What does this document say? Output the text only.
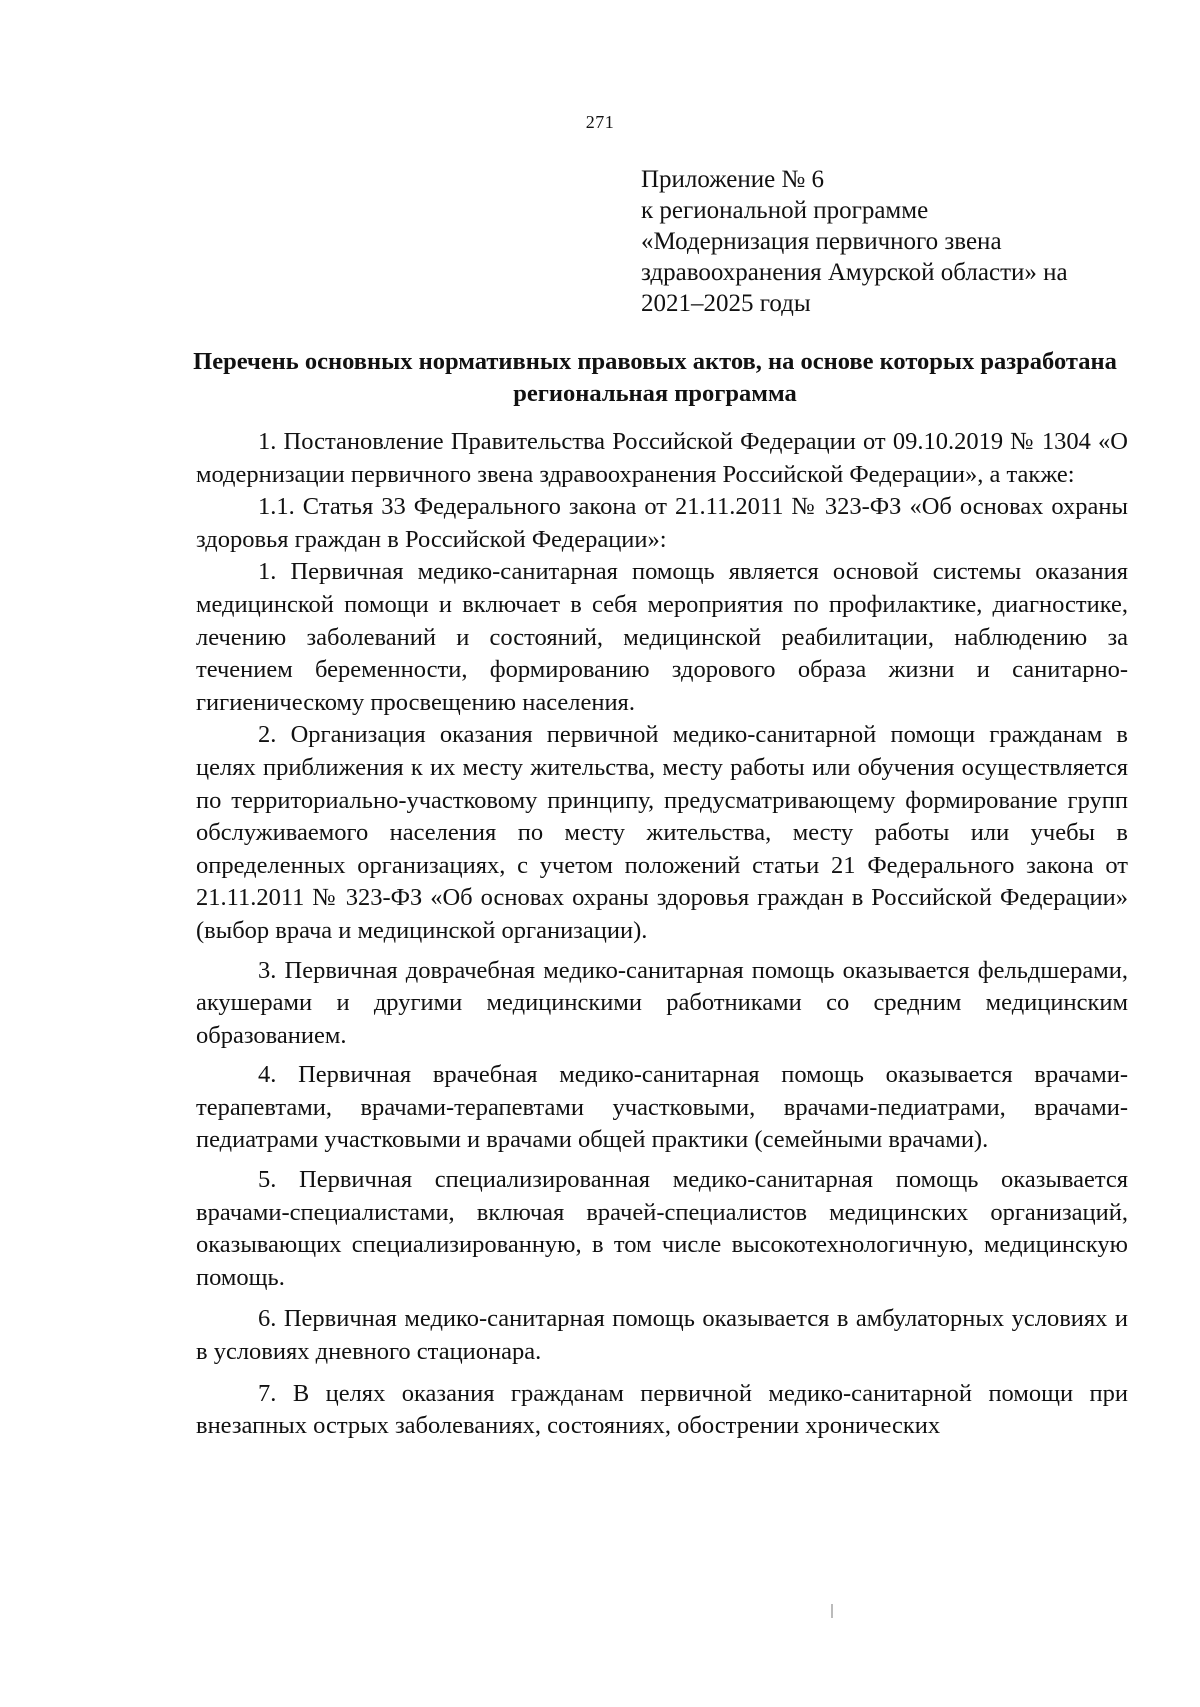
271
Приложение № 6
к региональной программе
«Модернизация первичного звена
здравоохранения Амурской области» на
2021–2025 годы
Перечень основных нормативных правовых актов, на основе которых разработана региональная программа

1. Постановление Правительства Российской Федерации от 09.10.2019 № 1304 «О модернизации первичного звена здравоохранения Российской Федерации», а также:

1.1. Статья 33 Федерального закона от 21.11.2011 № 323-ФЗ «Об основах охраны здоровья граждан в Российской Федерации»:

1. Первичная медико-санитарная помощь является основой системы оказания медицинской помощи и включает в себя мероприятия по профилактике, диагностике, лечению заболеваний и состояний, медицинской реабилитации, наблюдению за течением беременности, формированию здорового образа жизни и санитарно-гигиеническому просвещению населения.

2. Организация оказания первичной медико-санитарной помощи гражданам в целях приближения к их месту жительства, месту работы или обучения осуществляется по территориально-участковому принципу, предусматривающему формирование групп обслуживаемого населения по месту жительства, месту работы или учебы в определенных организациях, с учетом положений статьи 21 Федерального закона от 21.11.2011 № 323-ФЗ «Об основах охраны здоровья граждан в Российской Федерации» (выбор врача и медицинской организации).

3. Первичная доврачебная медико-санитарная помощь оказывается фельдшерами, акушерами и другими медицинскими работниками со средним медицинским образованием.

4. Первичная врачебная медико-санитарная помощь оказывается врачами-терапевтами, врачами-терапевтами участковыми, врачами-педиатрами, врачами-педиатрами участковыми и врачами общей практики (семейными врачами).

5. Первичная специализированная медико-санитарная помощь оказывается врачами-специалистами, включая врачей-специалистов медицинских организаций, оказывающих специализированную, в том числе высокотехнологичную, медицинскую помощь.

6. Первичная медико-санитарная помощь оказывается в амбулаторных условиях и в условиях дневного стационара.

7. В целях оказания гражданам первичной медико-санитарной помощи при внезапных острых заболеваниях, состояниях, обострении хронических
